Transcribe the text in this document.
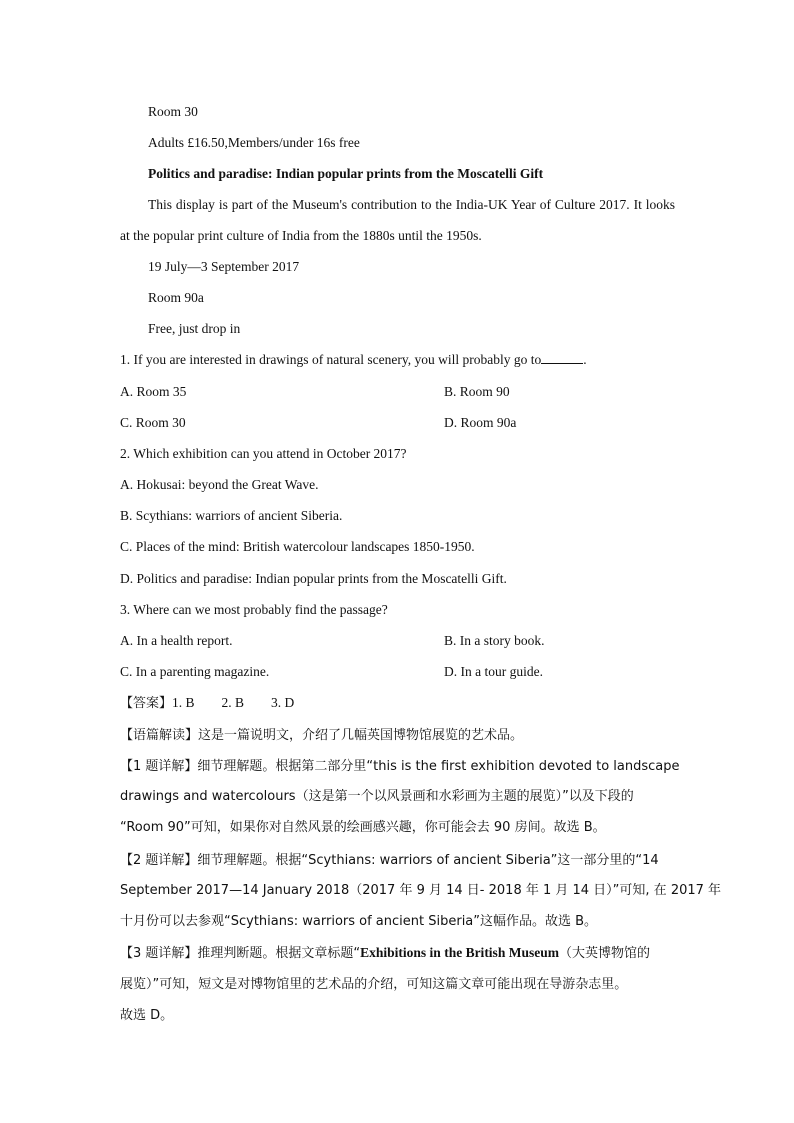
Room 30
Adults £16.50,Members/under 16s free
Politics and paradise: Indian popular prints from the Moscatelli Gift
This display is part of the Museum's contribution to the India-UK Year of Culture 2017. It looks
at the popular print culture of India from the 1880s until the 1950s.
19 July—3 September 2017
Room 90a
Free, just drop in
1. If you are interested in drawings of natural scenery, you will probably go to	.
A. Room 35	B. Room 90
C. Room 30	D. Room 90a
2. Which exhibition can you attend in October 2017?
A. Hokusai: beyond the Great Wave.
B. Scythians: warriors of ancient Siberia.
C. Places of the mind: British watercolour landscapes 1850-1950.
D. Politics and paradise: Indian popular prints from the Moscatelli Gift.
3. Where can we most probably find the passage?
A. In a health report.	B. In a story book.
C. In a parenting magazine.	D. In a tour guide.
【答案】1. B        2. B        3. D
【语篇解读】这是一篇说明文，介绍了几幅英国博物馆展览的艺术品。
【1 题详解】细节理解题。根据第二部分里“this is the first exhibition devoted to landscape
drawings and watercolours（这是第一个以风景画和水彩画为主题的展览）”以及下段的
“Room 90”可知，如果你对自然风景的绘画感兴趣，你可能会去 90 房间。故选 B。
【2 题详解】细节理解题。根据“Scythians: warriors of ancient Siberia”这一部分里的“14
September 2017—14 January 2018（2017 年 9 月 14 日- 2018 年 1 月 14 日）”可知, 在 2017 年
十月份可以去参观“Scythians: warriors of ancient Siberia”这幅作品。故选 B。
【3 题详解】推理判断题。根据文章标题“Exhibitions in the British Museum（大英博物馆的
展览）”可知，短文是对博物馆里的艺术品的介绍，可知这篇文章可能出现在导游杂志里。
故选 D。
